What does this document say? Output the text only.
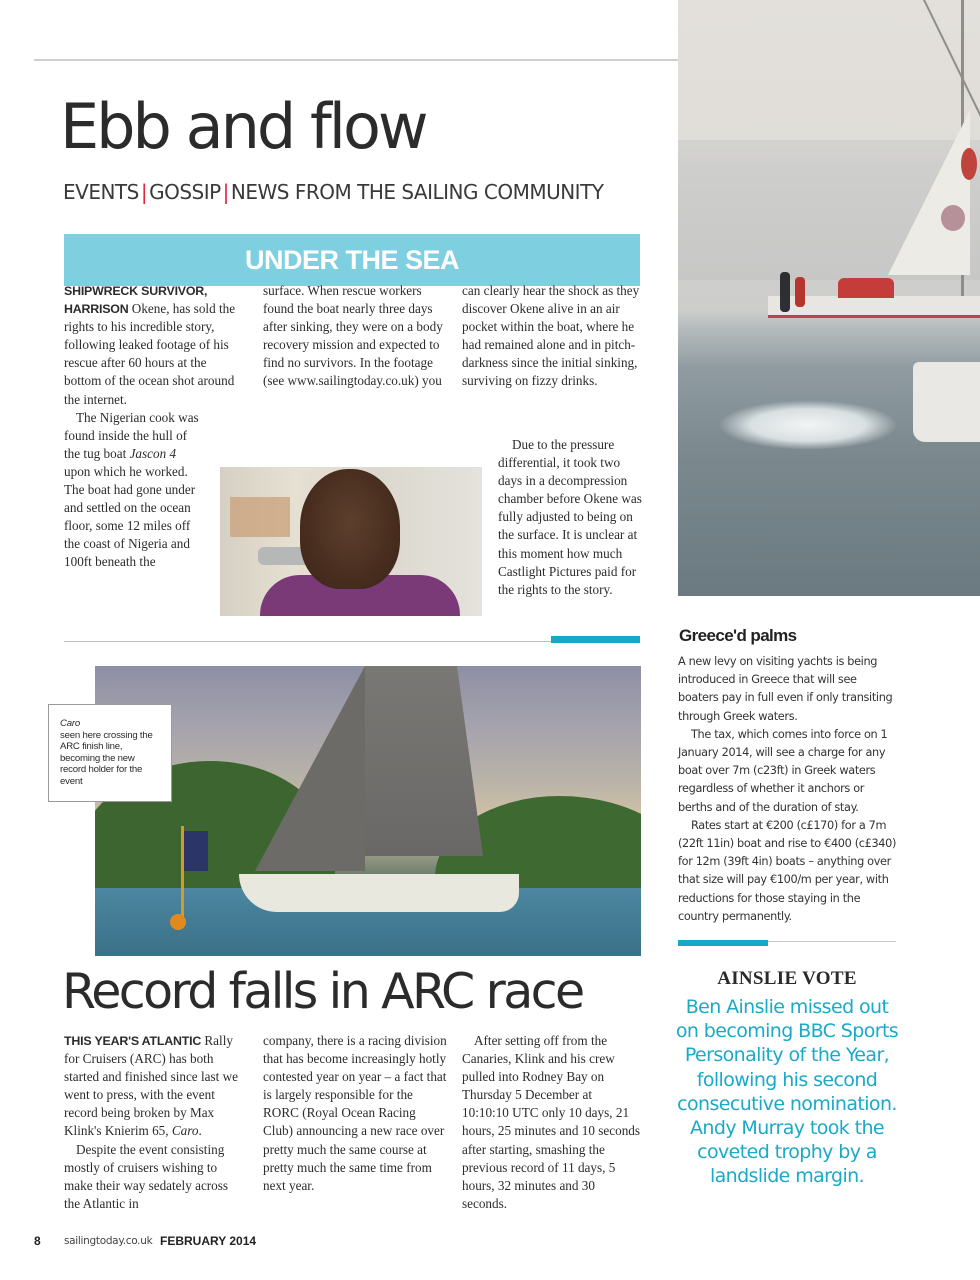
Ebb and flow
EVENTS | GOSSIP | NEWS FROM THE SAILING COMMUNITY
UNDER THE SEA

SHIPWRECK SURVIVOR, HARRISON Okene, has sold the rights to his incredible story, following leaked footage of his rescue after 60 hours at the bottom of the ocean shot around the internet.

The Nigerian cook was found inside the hull of the tug boat Jascon 4 upon which he worked. The boat had gone under and settled on the ocean floor, some 12 miles off the coast of Nigeria and 100ft beneath the

surface. When rescue workers found the boat nearly three days after sinking, they were on a body recovery mission and expected to find no survivors. In the footage (see www.sailingtoday.co.uk) you

can clearly hear the shock as they discover Okene alive in an air pocket within the boat, where he had remained alone and in pitch-darkness since the initial sinking, surviving on fizzy drinks.

Due to the pressure differential, it took two days in a decompression chamber before Okene was fully adjusted to being on the surface. It is unclear at this moment how much Castlight Pictures paid for the rights to the story.

Caro
seen here crossing the ARC finish line, becoming the new record holder for the event
Greece'd palms

A new levy on visiting yachts is being introduced in Greece that will see boaters pay in full even if only transiting through Greek waters.

The tax, which comes into force on 1 January 2014, will see a charge for any boat over 7m (c23ft) in Greek waters regardless of whether it anchors or berths and of the duration of stay.

Rates start at €200 (c£170) for a 7m (22ft 11in) boat and rise to €400 (c£340) for 12m (39ft 4in) boats – anything over that size will pay €100/m per year, with reductions for those staying in the country permanently.

AINSLIE VOTE
Ben Ainslie missed out on becoming BBC Sports Personality of the Year, following his second consecutive nomination. Andy Murray took the coveted trophy by a landslide margin.
Record falls in ARC race

THIS YEAR'S ATLANTIC Rally for Cruisers (ARC) has both started and finished since last we went to press, with the event record being broken by Max Klink's Knierim 65, Caro.

Despite the event consisting mostly of cruisers wishing to make their way sedately across the Atlantic in

company, there is a racing division that has become increasingly hotly contested year on year – a fact that is largely responsible for the RORC (Royal Ocean Racing Club) announcing a new race over pretty much the same course at pretty much the same time from next year.

After setting off from the Canaries, Klink and his crew pulled into Rodney Bay on Thursday 5 December at 10:10:10 UTC only 10 days, 21 hours, 25 minutes and 10 seconds after starting, smashing the previous record of 11 days, 5 hours, 32 minutes and 30 seconds.

8 sailingtoday.co.uk FEBRUARY 2014
